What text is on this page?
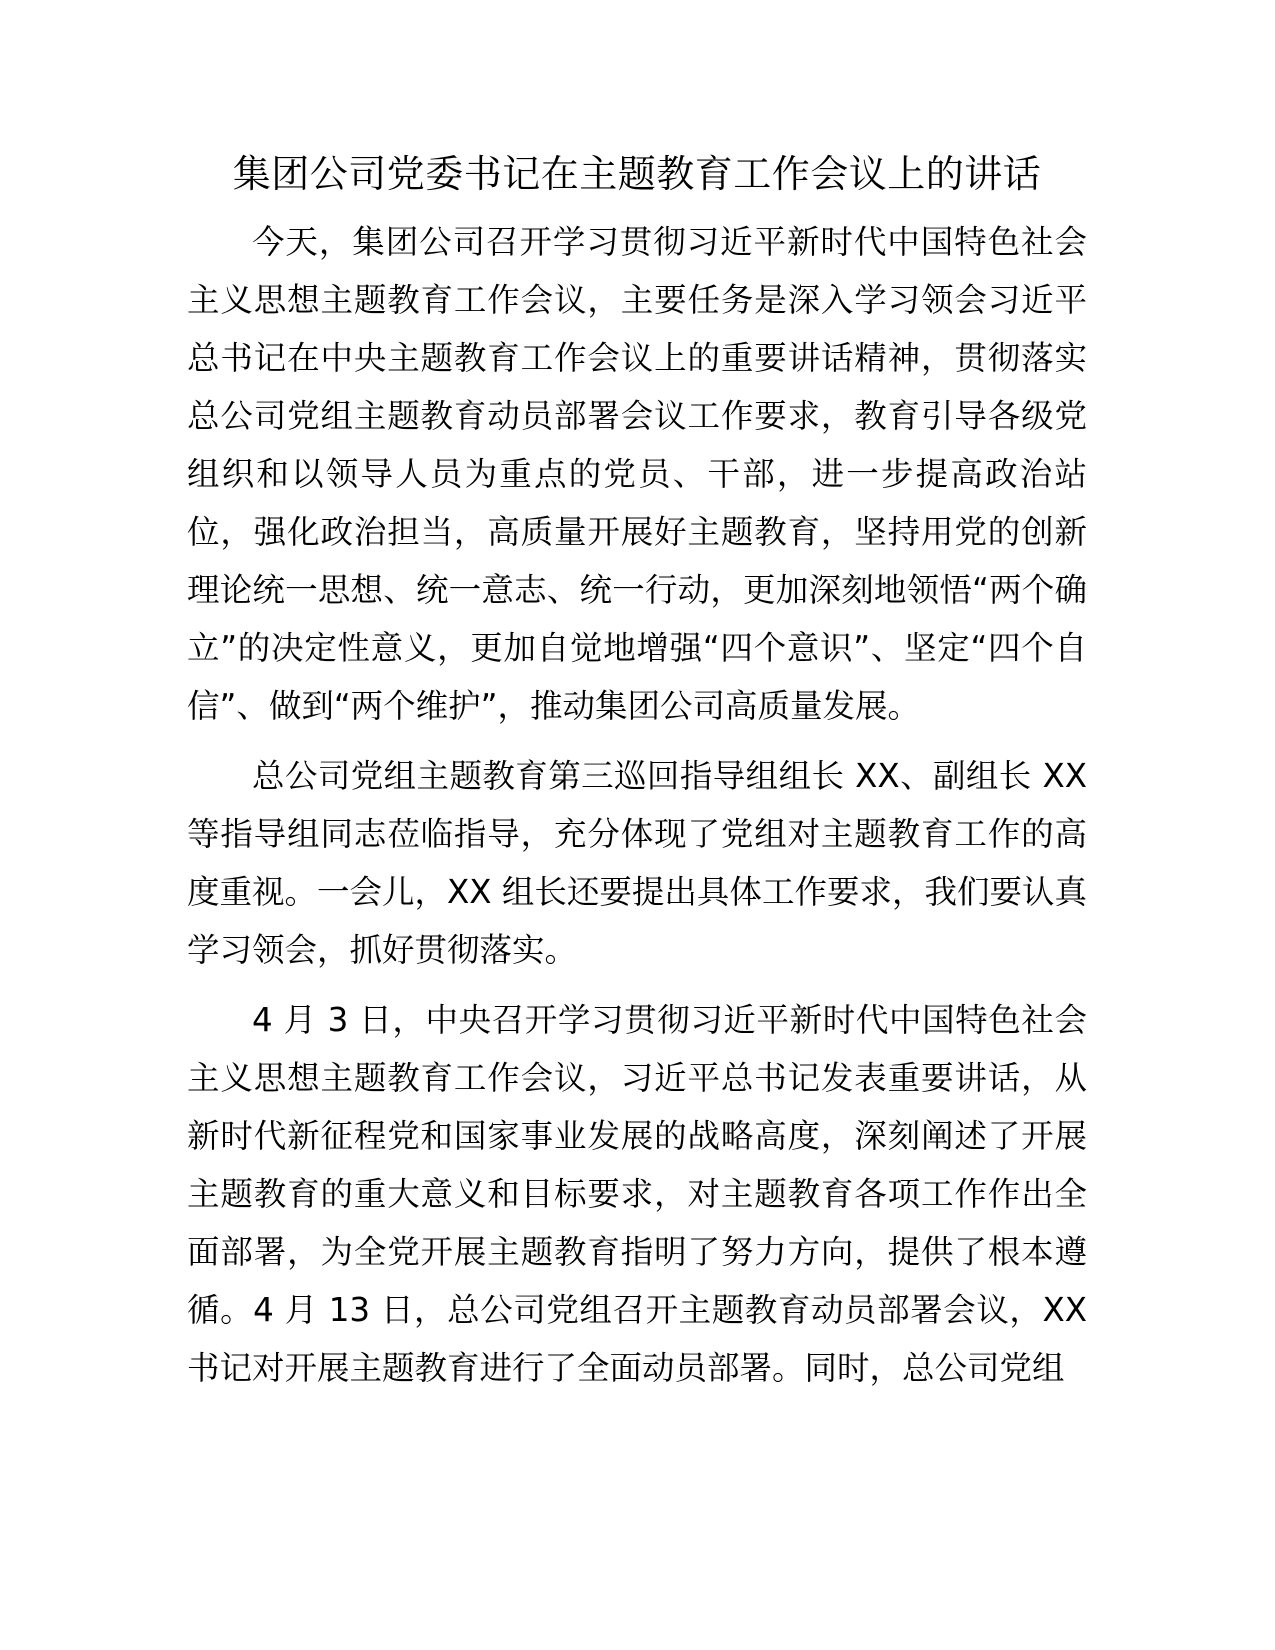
集团公司党委书记在主题教育工作会议上的讲话

今天，集团公司召开学习贯彻习近平新时代中国特色社会主义思想主题教育工作会议，主要任务是深入学习领会习近平总书记在中央主题教育工作会议上的重要讲话精神，贯彻落实总公司党组主题教育动员部署会议工作要求，教育引导各级党组织和以领导人员为重点的党员、干部，进一步提高政治站位，强化政治担当，高质量开展好主题教育，坚持用党的创新理论统一思想、统一意志、统一行动，更加深刻地领悟“两个确立”的决定性意义，更加自觉地增强“四个意识”、坚定“四个自信”、做到“两个维护”，推动集团公司高质量发展。

总公司党组主题教育第三巡回指导组组长 XX、副组长 XX 等指导组同志莅临指导，充分体现了党组对主题教育工作的高度重视。一会儿，XX 组长还要提出具体工作要求，我们要认真学习领会，抓好贯彻落实。

4 月 3 日，中央召开学习贯彻习近平新时代中国特色社会主义思想主题教育工作会议，习近平总书记发表重要讲话，从新时代新征程党和国家事业发展的战略高度，深刻阐述了开展主题教育的重大意义和目标要求，对主题教育各项工作作出全面部署，为全党开展主题教育指明了努力方向，提供了根本遵循。4 月 13 日，总公司党组召开主题教育动员部署会议，XX 书记对开展主题教育进行了全面动员部署。同时，总公司党组
